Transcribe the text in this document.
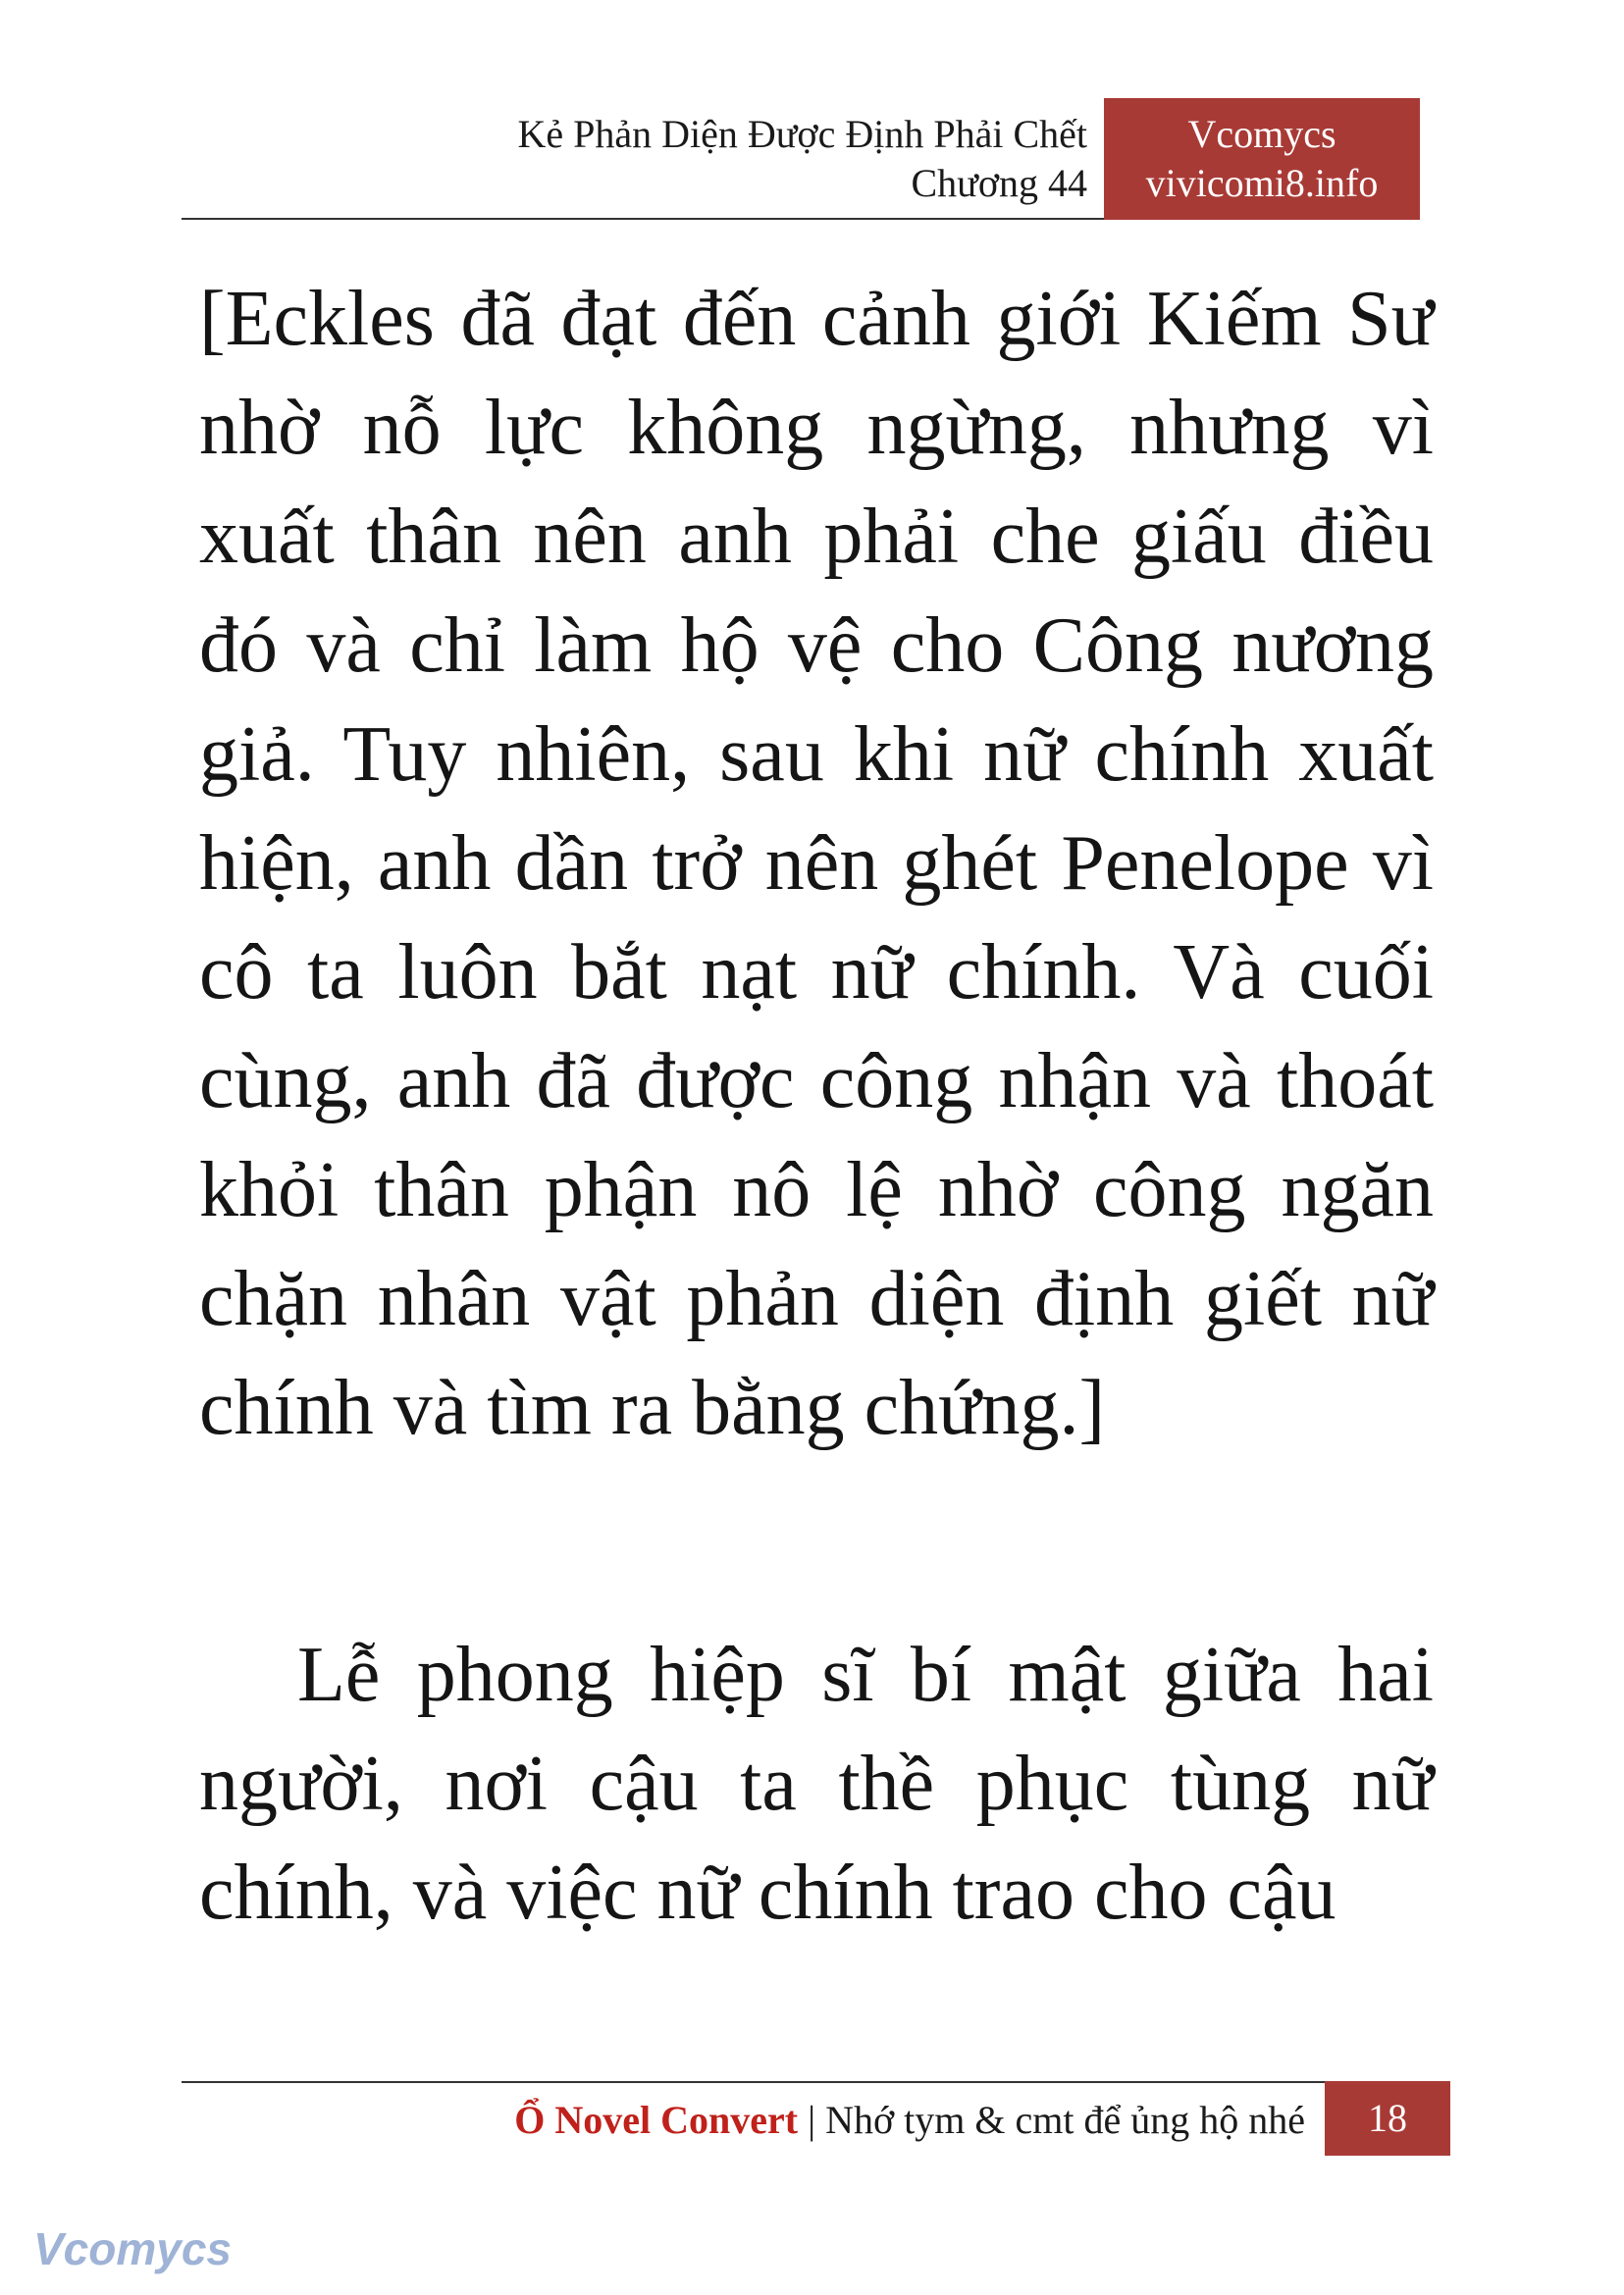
Kẻ Phản Diện Được Định Phải Chết
Chương 44
Vcomycs
vivicomi8.info

[Eckles đã đạt đến cảnh giới Kiếm Sư nhờ nỗ lực không ngừng, nhưng vì xuất thân nên anh phải che giấu điều đó và chỉ làm hộ vệ cho Công nương giả. Tuy nhiên, sau khi nữ chính xuất hiện, anh dần trở nên ghét Penelope vì cô ta luôn bắt nạt nữ chính. Và cuối cùng, anh đã được công nhận và thoát khỏi thân phận nô lệ nhờ công ngăn chặn nhân vật phản diện định giết nữ chính và tìm ra bằng chứng.]

Lễ phong hiệp sĩ bí mật giữa hai người, nơi cậu ta thề phục tùng nữ chính, và việc nữ chính trao cho cậu

Ổ Novel Convert | Nhớ tym & cmt để ủng hộ nhé	18
Vcomycs
